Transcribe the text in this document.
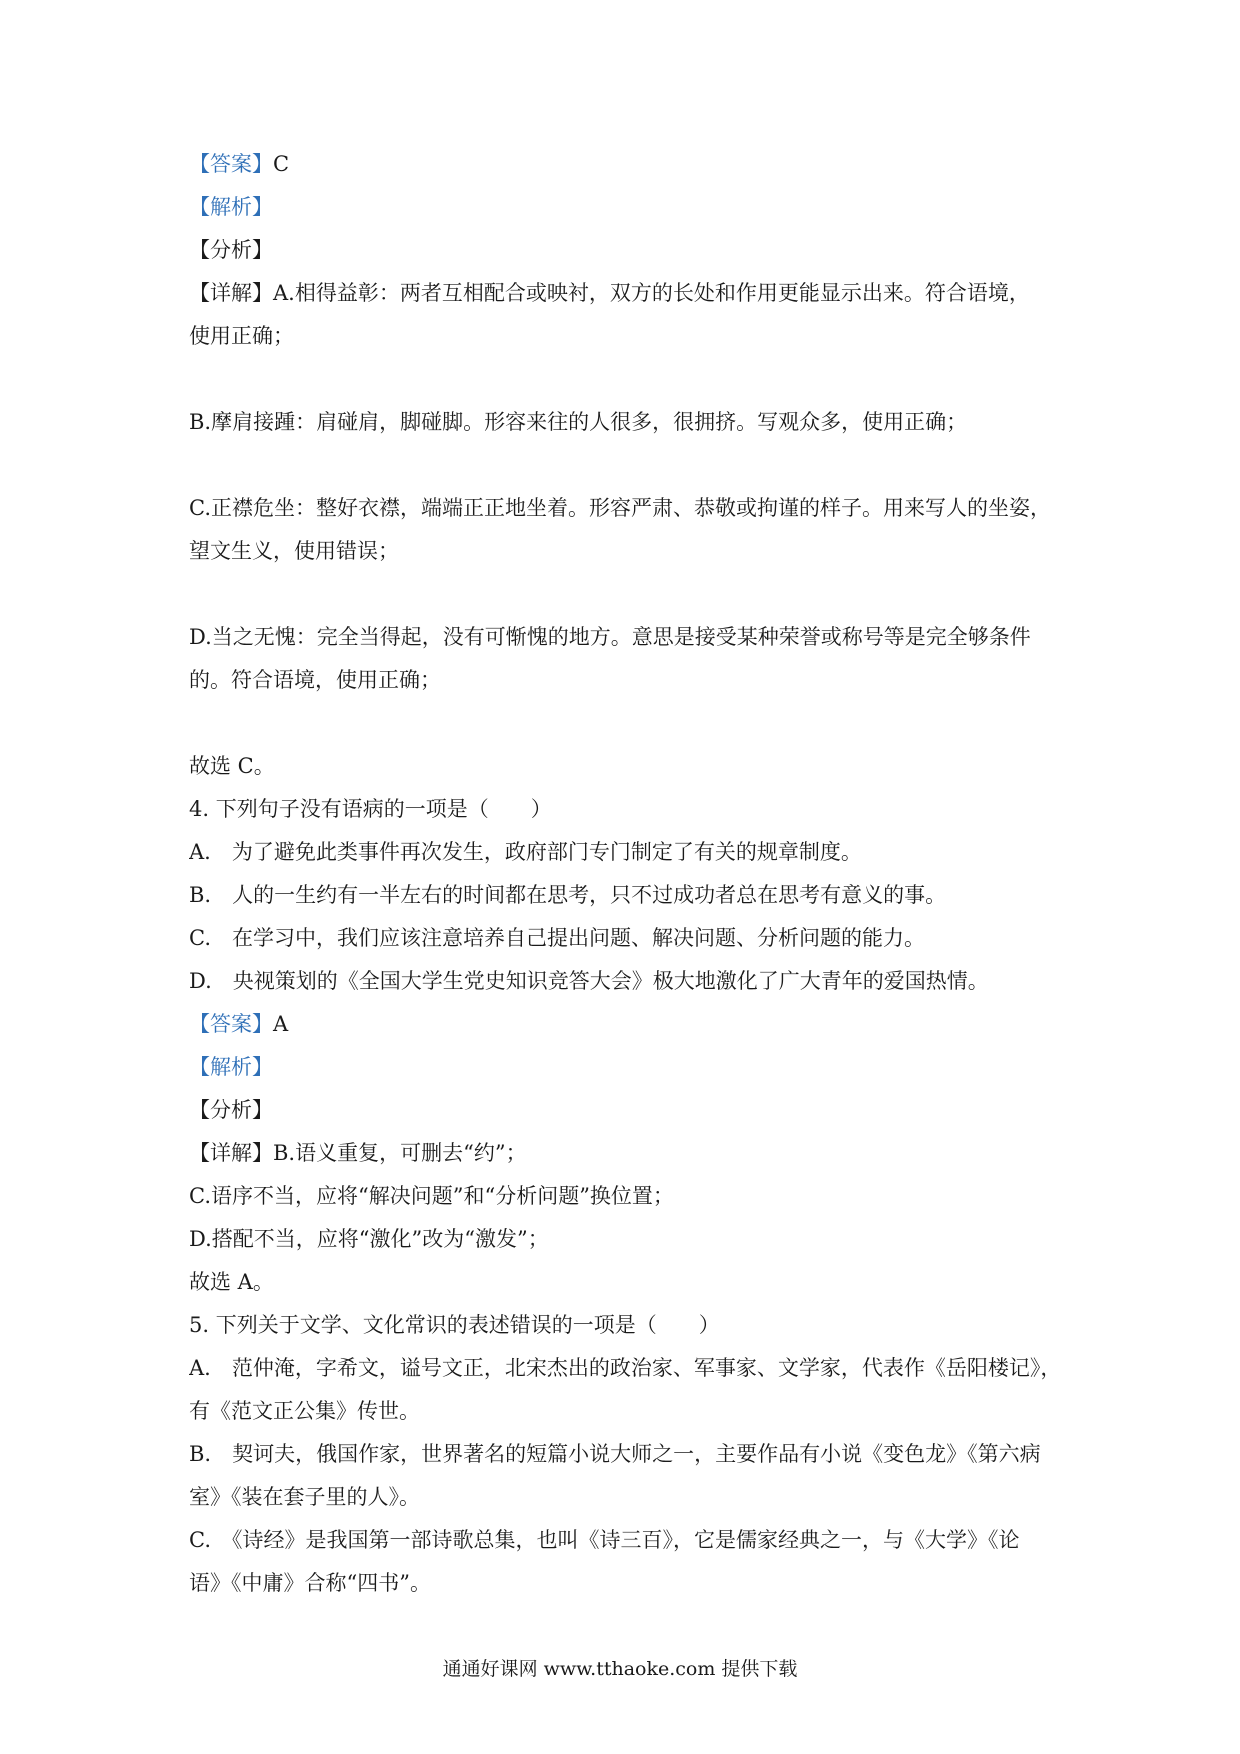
【答案】C
【解析】
【分析】
【详解】A.相得益彰：两者互相配合或映衬，双方的长处和作用更能显示出来。符合语境，
使用正确；
B.摩肩接踵：肩碰肩，脚碰脚。形容来往的人很多，很拥挤。写观众多，使用正确；
C.正襟危坐：整好衣襟，端端正正地坐着。形容严肃、恭敬或拘谨的样子。用来写人的坐姿，
望文生义，使用错误；
D.当之无愧：完全当得起，没有可惭愧的地方。意思是接受某种荣誉或称号等是完全够条件
的。符合语境，使用正确；
故选 C。
4. 下列句子没有语病的一项是（　　）
A.　为了避免此类事件再次发生，政府部门专门制定了有关的规章制度。
B.　人的一生约有一半左右的时间都在思考，只不过成功者总在思考有意义的事。
C.　在学习中，我们应该注意培养自己提出问题、解决问题、分析问题的能力。
D.　央视策划的《全国大学生党史知识竞答大会》极大地激化了广大青年的爱国热情。
【答案】A
【解析】
【分析】
【详解】B.语义重复，可删去“约”；
C.语序不当，应将“解决问题”和“分析问题”换位置；
D.搭配不当，应将“激化”改为“激发”；
故选 A。
5. 下列关于文学、文化常识的表述错误的一项是（　　）
A.　范仲淹，字希文，谥号文正，北宋杰出的政治家、军事家、文学家，代表作《岳阳楼记》，
有《范文正公集》传世。
B.　契诃夫，俄国作家，世界著名的短篇小说大师之一，主要作品有小说《变色龙》《第六病
室》《装在套子里的人》。
C.　《诗经》是我国第一部诗歌总集，也叫《诗三百》，它是儒家经典之一，与《大学》《论
语》《中庸》合称“四书”。
通通好课网 www.tthaoke.com 提供下载
